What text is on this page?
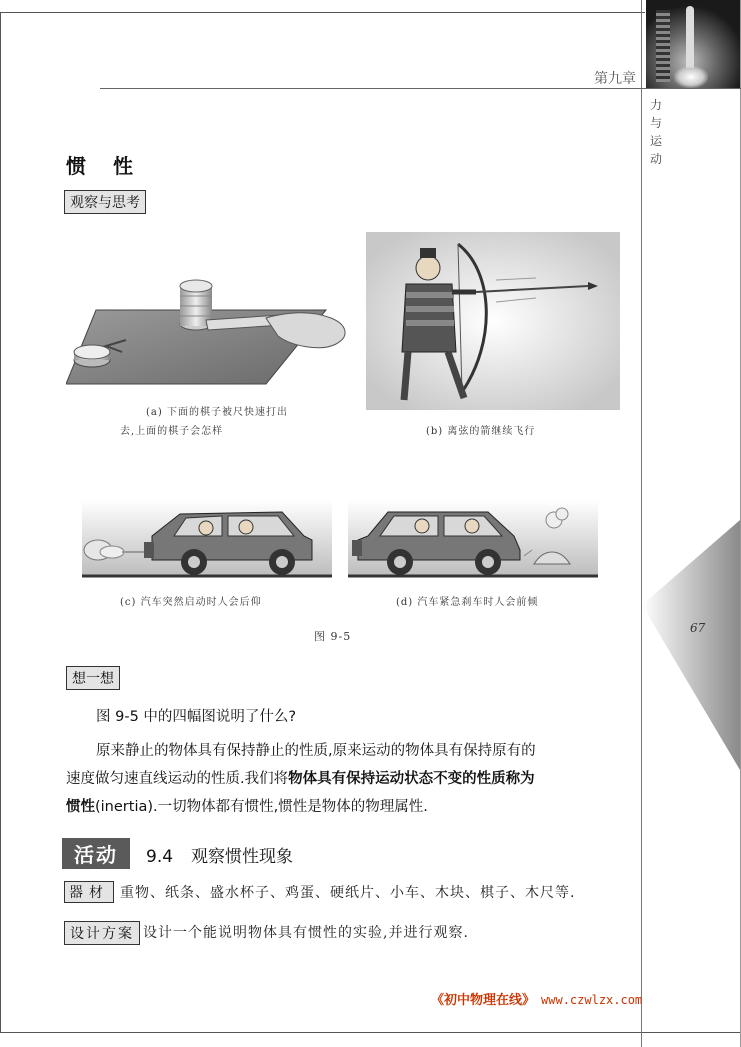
第九章
力
与
运
动
67
惯 性
观察与思考
(a) 下面的棋子被尺快速打出
去,上面的棋子会怎样	(b) 离弦的箭继续飞行
(c) 汽车突然启动时人会后仰	(d) 汽车紧急刹车时人会前倾
图 9-5
想一想
图 9-5 中的四幅图说明了什么?
原来静止的物体具有保持静止的性质,原来运动的物体具有保持原有的
速度做匀速直线运动的性质.我们将物体具有保持运动状态不变的性质称为
惯性(inertia).一切物体都有惯性,惯性是物体的物理属性.
活动	9.4 观察惯性现象
器材 重物、纸条、盛水杯子、鸡蛋、硬纸片、小车、木块、棋子、木尺等.
设计方案 设计一个能说明物体具有惯性的实验,并进行观察.
《初中物理在线》 www.czwlzx.com
